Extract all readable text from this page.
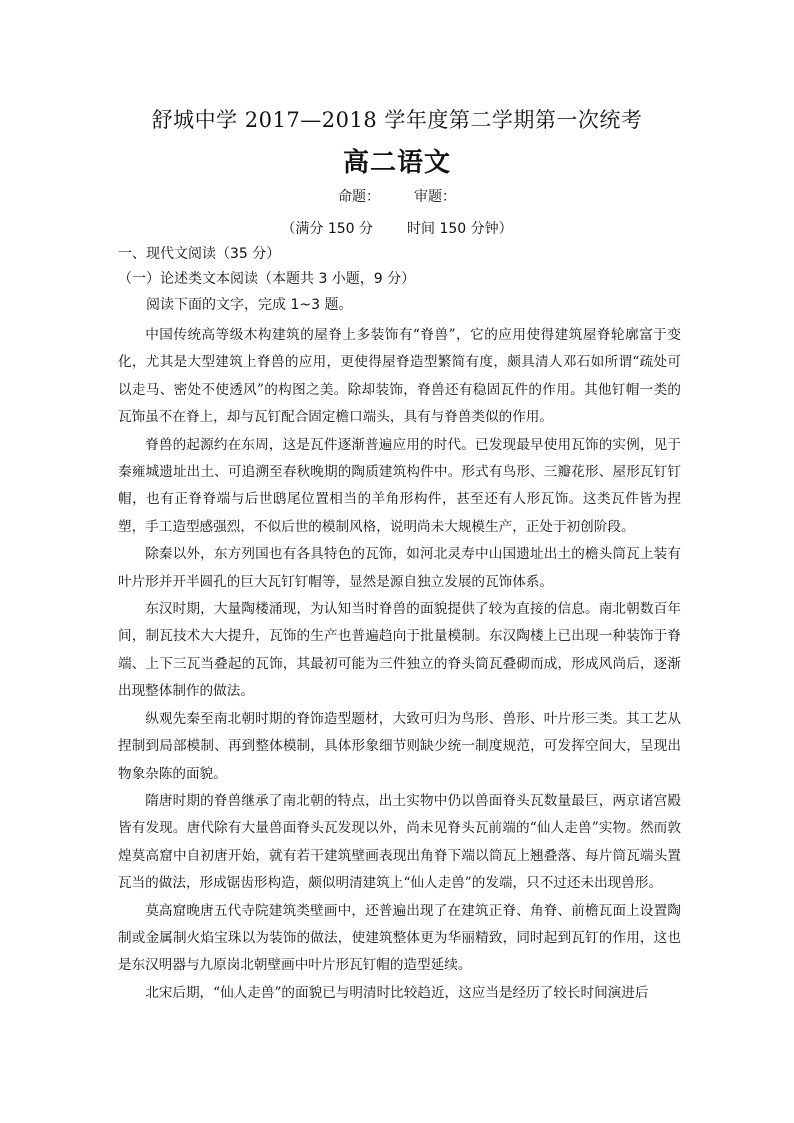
舒城中学 2017—2018 学年度第二学期第一次统考
高二语文
命题： 审题：
（满分 150 分 时间 150 分钟）
一、现代文阅读（35 分）
（一）论述类文本阅读（本题共 3 小题，9 分）
阅读下面的文字，完成 1~3 题。

中国传统高等级木构建筑的屋脊上多装饰有“脊兽”，它的应用使得建筑屋脊轮廓富于变化，尤其是大型建筑上脊兽的应用，更使得屋脊造型繁简有度，颇具清人邓石如所谓“疏处可以走马、密处不使透风”的构图之美。除却装饰，脊兽还有稳固瓦件的作用。其他钉帽一类的瓦饰虽不在脊上，却与瓦钉配合固定檐口端头，具有与脊兽类似的作用。

脊兽的起源约在东周，这是瓦件逐渐普遍应用的时代。已发现最早使用瓦饰的实例，见于秦雍城遗址出土、可追溯至春秋晚期的陶质建筑构件中。形式有鸟形、三瓣花形、屋形瓦钉钉帽，也有正脊脊端与后世鸱尾位置相当的羊角形构件，甚至还有人形瓦饰。这类瓦件皆为捏塑，手工造型感强烈，不似后世的模制风格，说明尚未大规模生产，正处于初创阶段。

除秦以外，东方列国也有各具特色的瓦饰，如河北灵寿中山国遗址出土的檐头筒瓦上装有叶片形并开半圆孔的巨大瓦钉钉帽等，显然是源自独立发展的瓦饰体系。

东汉时期，大量陶楼涌现，为认知当时脊兽的面貌提供了较为直接的信息。南北朝数百年间，制瓦技术大大提升，瓦饰的生产也普遍趋向于批量模制。东汉陶楼上已出现一种装饰于脊端、上下三瓦当叠起的瓦饰，其最初可能为三件独立的脊头筒瓦叠砌而成，形成风尚后，逐渐出现整体制作的做法。

纵观先秦至南北朝时期的脊饰造型题材，大致可归为鸟形、兽形、叶片形三类。其工艺从捏制到局部模制、再到整体模制，具体形象细节则缺少统一制度规范，可发挥空间大，呈现出物象杂陈的面貌。

隋唐时期的脊兽继承了南北朝的特点，出土实物中仍以兽面脊头瓦数量最巨，两京诸宫殿皆有发现。唐代除有大量兽面脊头瓦发现以外，尚未见脊头瓦前端的“仙人走兽”实物。然而敦煌莫高窟中自初唐开始，就有若干建筑壁画表现出角脊下端以筒瓦上翘叠落、每片筒瓦端头置瓦当的做法，形成锯齿形构造，颇似明清建筑上“仙人走兽”的发端，只不过还未出现兽形。

莫高窟晚唐五代寺院建筑类壁画中，还普遍出现了在建筑正脊、角脊、前檐瓦面上设置陶制或金属制火焰宝珠以为装饰的做法，使建筑整体更为华丽精致，同时起到瓦钉的作用，这也是东汉明器与九原岗北朝壁画中叶片形瓦钉帽的造型延续。

北宋后期，“仙人走兽”的面貌已与明清时比较趋近，这应当是经历了较长时间演进后
